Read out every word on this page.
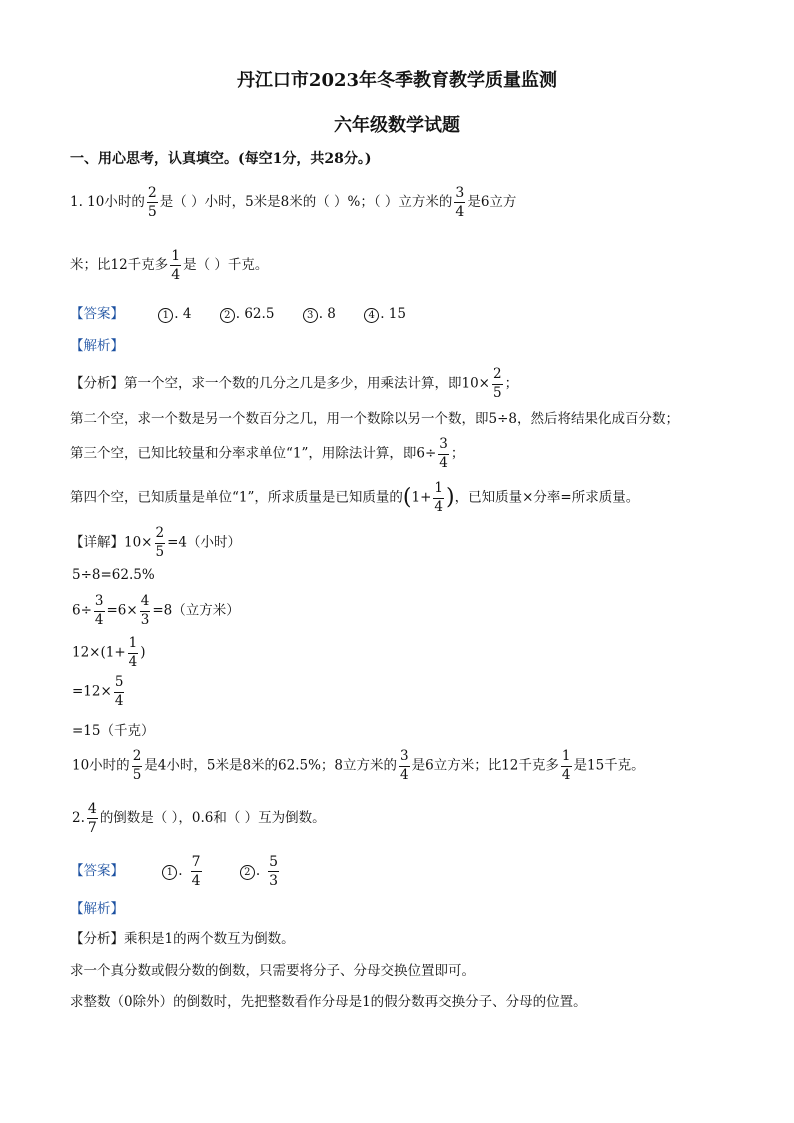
丹江口市2023年冬季教育教学质量监测
六年级数学试题
一、用心思考，认真填空。(每空1分，共28分。)
1. 10小时的 $\frac{2}{5}$ 是（ ）小时，5米是8米的（ ）%；（ ）立方米的 $\frac{3}{4}$ 是6立方
米；比12千克多 $\frac{1}{4}$ 是（ ）千克。
【答案】	1 . 4	2 . 62.5	3 . 8	4 . 15
【解析】
【分析】第一个空，求一个数的几分之几是多少，用乘法计算，即$10\times \frac{2}{5}$ ；
第二个空，求一个数是另一个数百分之几，用一个数除以另一个数，即5÷8，然后将结果化成百分数；
第三个空，已知比较量和分率求单位“1”，用除法计算，即$6\div \frac{3}{4}$ ；
第四个空，已知质量是单位“1”，所求质量是已知质量的($1+ \frac{1}{4}$ )，已知质量×分率=所求质量。
【详解】$10\times \frac{2}{5} =4$（小时）
5÷8=62.5%
$6\div \frac{3}{4} =6\times \frac{4}{3} =8$（立方米）
$12\times(1+ \frac{1}{4}$ )
$=12\times \frac{5}{4}$
=15（千克）
10小时的 $\frac{2}{5}$ 是4小时，5米是8米的62.5%；8立方米的 $\frac{3}{4}$ 是6立方米；比12千克多 $\frac{1}{4}$ 是15千克。
2. $\frac{4}{7}$ 的倒数是（ ），0.6和（ ）互为倒数。
【答案】	1 . $\frac{7}{4}$	2 . $\frac{5}{3}$
【解析】
【分析】乘积是1的两个数互为倒数。
求一个真分数或假分数的倒数，只需要将分子、分母交换位置即可。
求整数（0除外）的倒数时，先把整数看作分母是1的假分数再交换分子、分母的位置。
